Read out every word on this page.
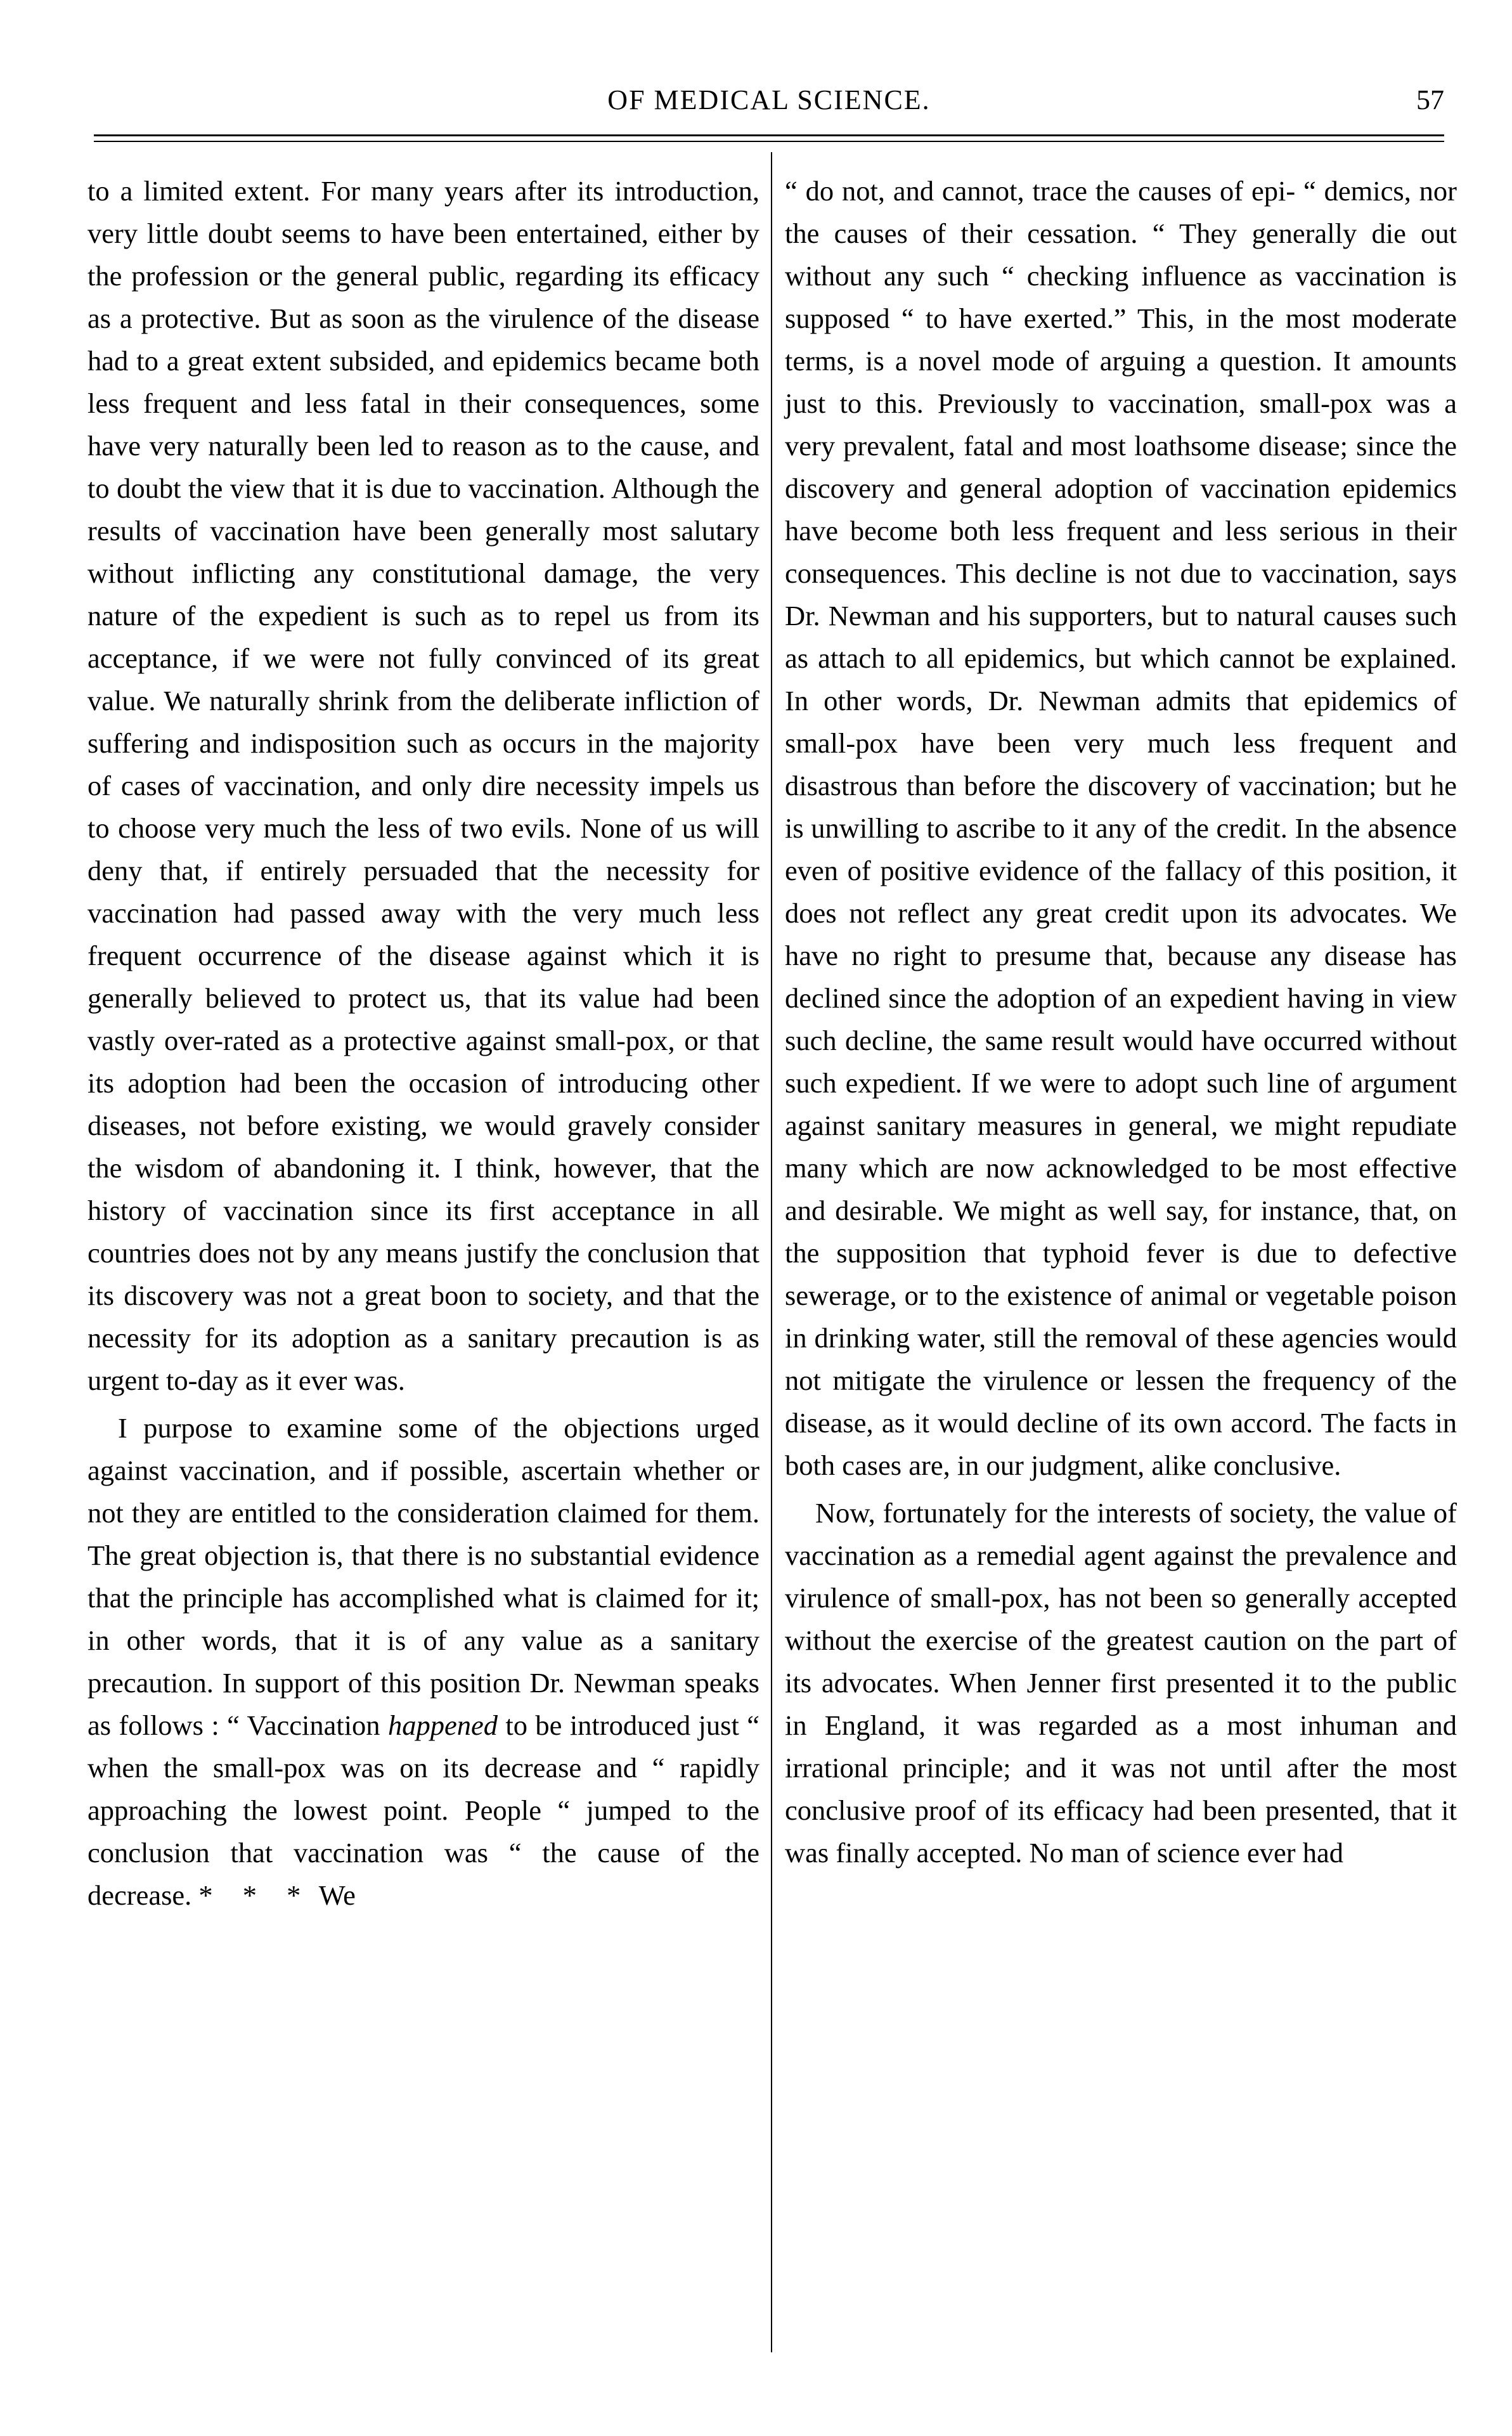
OF MEDICAL SCIENCE.	57

to a limited extent. For many years after its introduction, very little doubt seems to have been entertained, either by the profession or the general public, regarding its efficacy as a protective. But as soon as the virulence of the disease had to a great extent subsided, and epidemics became both less frequent and less fatal in their consequences, some have very naturally been led to reason as to the cause, and to doubt the view that it is due to vaccination. Although the results of vaccination have been generally most salutary without inflicting any constitutional damage, the very nature of the expedient is such as to repel us from its acceptance, if we were not fully convinced of its great value. We naturally shrink from the deliberate infliction of suffering and indisposition such as occurs in the majority of cases of vaccination, and only dire necessity impels us to choose very much the less of two evils. None of us will deny that, if entirely persuaded that the necessity for vaccination had passed away with the very much less frequent occurrence of the disease against which it is generally believed to protect us, that its value had been vastly over-rated as a protective against small-pox, or that its adoption had been the occasion of introducing other diseases, not before existing, we would gravely consider the wisdom of abandoning it. I think, however, that the history of vaccination since its first acceptance in all countries does not by any means justify the conclusion that its discovery was not a great boon to society, and that the necessity for its adoption as a sanitary precaution is as urgent to-day as it ever was.

I purpose to examine some of the objections urged against vaccination, and if possible, ascertain whether or not they are entitled to the consideration claimed for them. The great objection is, that there is no substantial evidence that the principle has accomplished what is claimed for it; in other words, that it is of any value as a sanitary precaution. In support of this position Dr. Newman speaks as follows : “ Vaccination happened to be introduced just “ when the small-pox was on its decrease and “ rapidly approaching the lowest point. People “ jumped to the conclusion that vaccination was “ the cause of the decrease. * * * We

“ do not, and cannot, trace the causes of epi- “ demics, nor the causes of their cessation. “ They generally die out without any such “ checking influence as vaccination is supposed “ to have exerted.” This, in the most moderate terms, is a novel mode of arguing a question. It amounts just to this. Previously to vaccination, small-pox was a very prevalent, fatal and most loathsome disease; since the discovery and general adoption of vaccination epidemics have become both less frequent and less serious in their consequences. This decline is not due to vaccination, says Dr. Newman and his supporters, but to natural causes such as attach to all epidemics, but which cannot be explained. In other words, Dr. Newman admits that epidemics of small-pox have been very much less frequent and disastrous than before the discovery of vaccination; but he is unwilling to ascribe to it any of the credit. In the absence even of positive evidence of the fallacy of this position, it does not reflect any great credit upon its advocates. We have no right to presume that, because any disease has declined since the adoption of an expedient having in view such decline, the same result would have occurred without such expedient. If we were to adopt such line of argument against sanitary measures in general, we might repudiate many which are now acknowledged to be most effective and desirable. We might as well say, for instance, that, on the supposition that typhoid fever is due to defective sewerage, or to the existence of animal or vegetable poison in drinking water, still the removal of these agencies would not mitigate the virulence or lessen the frequency of the disease, as it would decline of its own accord. The facts in both cases are, in our judgment, alike conclusive.

Now, fortunately for the interests of society, the value of vaccination as a remedial agent against the prevalence and virulence of small-pox, has not been so generally accepted without the exercise of the greatest caution on the part of its advocates. When Jenner first presented it to the public in England, it was regarded as a most inhuman and irrational principle; and it was not until after the most conclusive proof of its efficacy had been presented, that it was finally accepted. No man of science ever had
